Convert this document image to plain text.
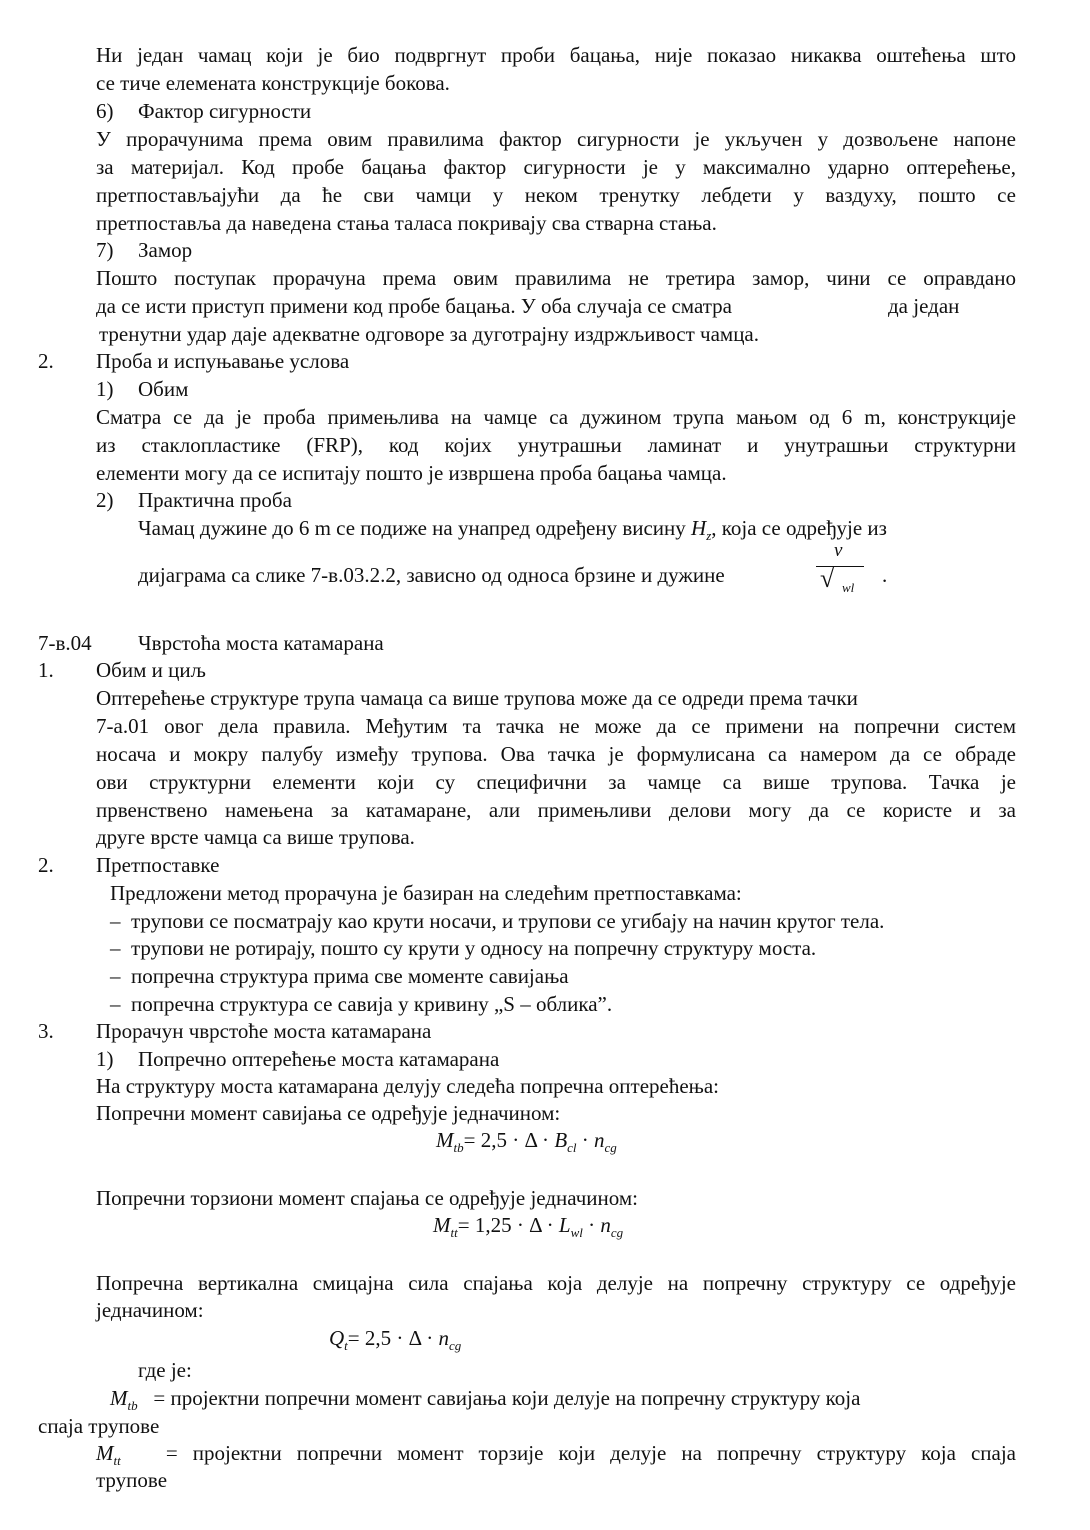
Ни један чамац који је био подвргнут проби бацања, није показао никаква оштећења што
се тиче елемената конструкције бокова.
6) Фактор сигурности
У прорачунима према овим правилима фактор сигурности је укључен у дозвољене напоне
за материјал. Код пробе бацања фактор сигурности је у максимално ударно оптерећење,
претпостављајући да ће сви чамци у неком тренутку лебдети у ваздуху, пошто се
претпоставља да наведена стања таласа покривају сва стварна стања.
7) Замор
Пошто поступак прорачуна према овим правилима не третира замор, чини се оправдано
да се исти приступ примени код пробе бацања. У оба случаја се сматра	да један
тренутни удар даје адекватне одговоре за дуготрајну издржљивост чамца.
2. Проба и испуњавање услова
1) Обим
Сматра се да је проба примењлива на чамце са дужином трупа мањом од 6 m, конструкције
из стаклопластике (FRP), код којих унутрашњи ламинат и унутрашњи структурни
елементи могу да се испитају пошто је извршена проба бацања чамца.
2) Практична проба
Чамац дужине до 6 m се подиже на унапред одређену висину $H_z$, која се одређује из
дијаграма са слике 7-в.03.2.2, зависно од односа брзине и дужине
v
√ wl
.
7-в.04 Чврстоћа моста катамарана
1. Обим и циљ
Оптерећење структуре трупа чамаца са више трупова може да се одреди према тачки
7-а.01 овог дела правила. Међутим та тачка не може да се примени на попречни систем
носача и мокру палубу између трупова. Ова тачка је формулисана са намером да се обраде
ови структурни елементи који су специфични за чамце са више трупова. Тачка је
првенствено намењена за катамаране, али примењливи делови могу да се користе и за
друге врсте чамца са више трупова.
2. Претпоставке
Предложени метод прорачуна је базиран на следећим претпоставкама:
– трупови се посматрају као крути носачи, и трупови се угибају на начин крутог тела.
– трупови не ротирају, пошто су крути у односу на попречну структуру моста.
– попречна структура прима све моменте савијања
– попречна структура се савија у кривину „S – облика”.
3. Прорачун чврстоће моста катамарана
1) Попречно оптерећење моста катамарана
На структуру моста катамарана делују следећа попречна оптерећења:
Попречни момент савијања се одређује једначином:
$M_{tb}= 2,5 \cdot \Delta \cdot B_{cl} \cdot n_{cg}$
Попречни торзиони момент спајања се одређује једначином:
$M_{tt}= 1,25 \cdot \Delta \cdot L_{wl} \cdot n_{cg}$
Попречна вертикална смицајна сила спајања која делује на попречну структуру се одређује
једначином:
$Q_t= 2,5 \cdot \Delta \cdot n_{cg}$
где је:
$M_{tb}$ = пројектни попречни момент савијања који делује на попречну структуру која
спаја трупове
$M_{tt}$ = пројектни попречни момент торзије који делује на попречну структуру која спаја
трупове
